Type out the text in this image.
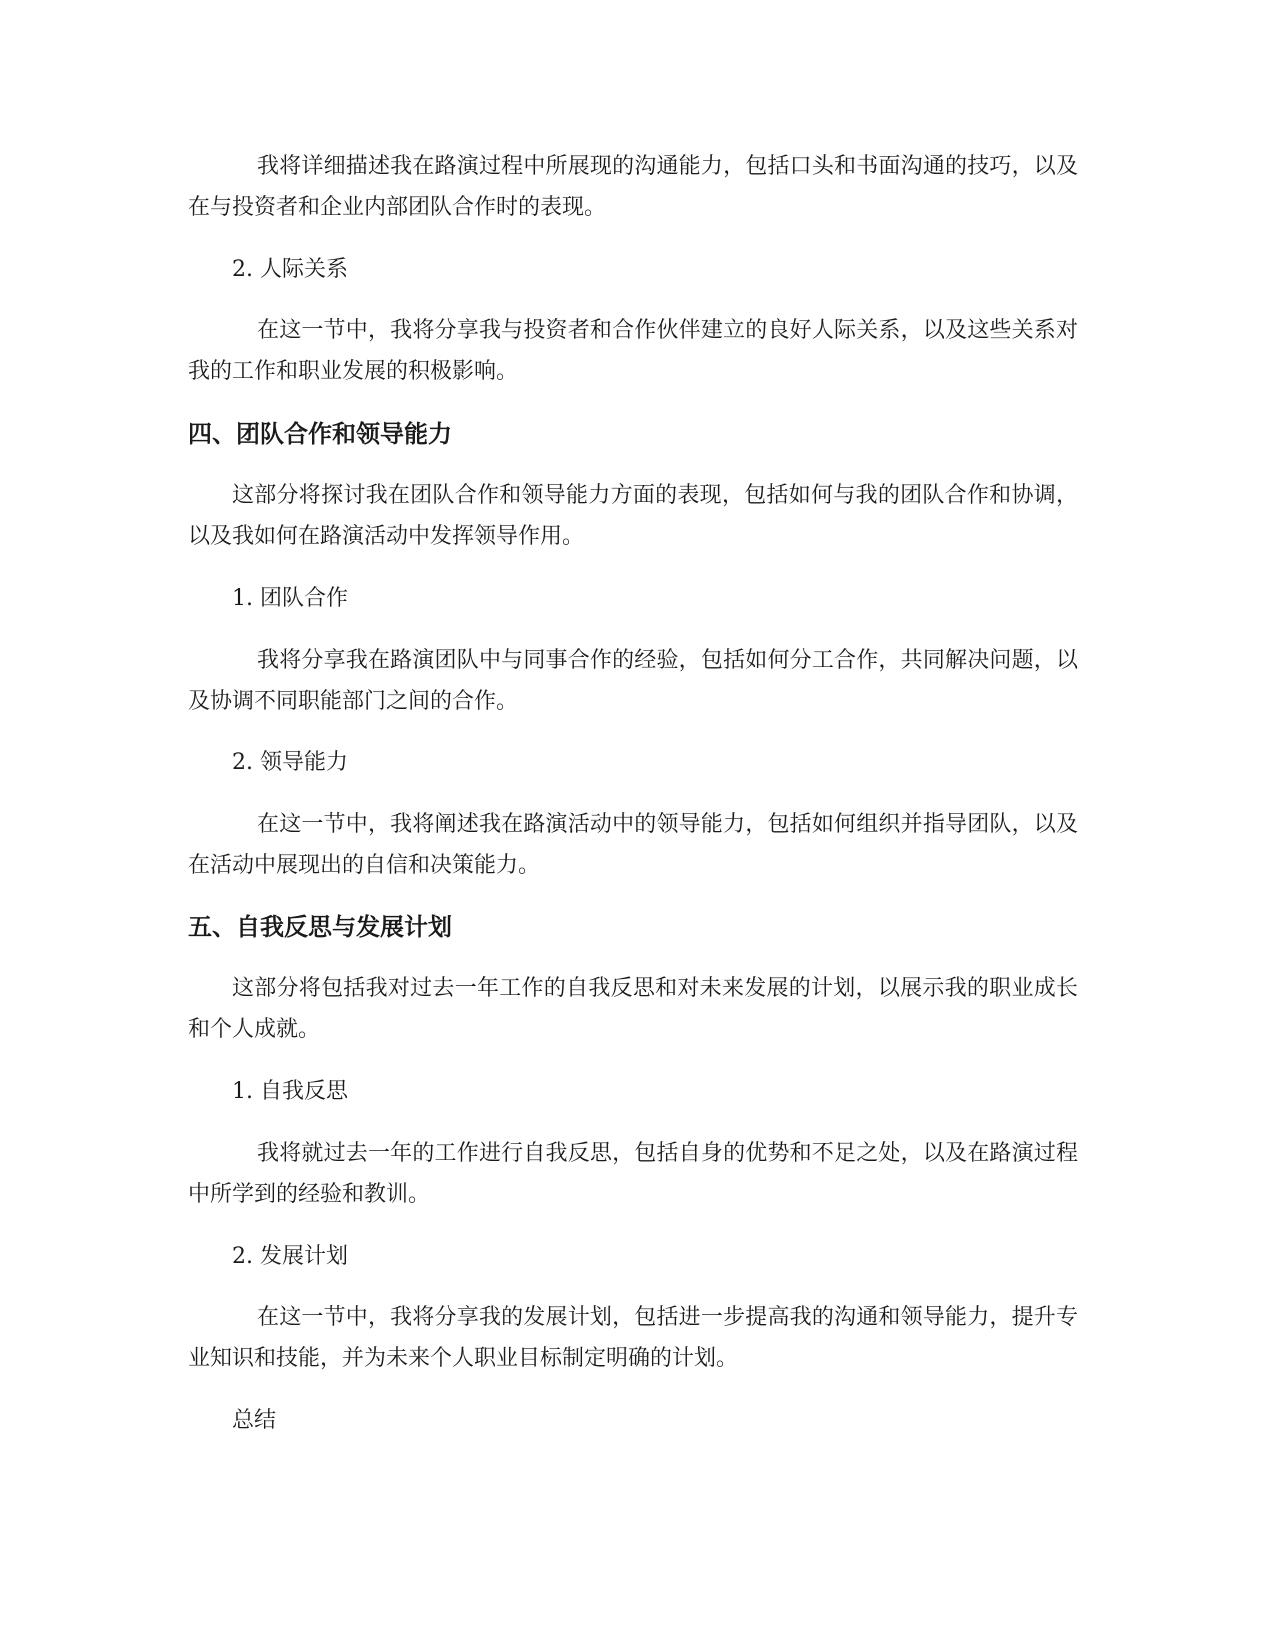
我将详细描述我在路演过程中所展现的沟通能力，包括口头和书面沟通的技巧，以及在与投资者和企业内部团队合作时的表现。

2. 人际关系

在这一节中，我将分享我与投资者和合作伙伴建立的良好人际关系，以及这些关系对我的工作和职业发展的积极影响。

四、团队合作和领导能力

这部分将探讨我在团队合作和领导能力方面的表现，包括如何与我的团队合作和协调，以及我如何在路演活动中发挥领导作用。

1. 团队合作

我将分享我在路演团队中与同事合作的经验，包括如何分工合作，共同解决问题，以及协调不同职能部门之间的合作。

2. 领导能力

在这一节中，我将阐述我在路演活动中的领导能力，包括如何组织并指导团队，以及在活动中展现出的自信和决策能力。

五、自我反思与发展计划

这部分将包括我对过去一年工作的自我反思和对未来发展的计划，以展示我的职业成长和个人成就。

1. 自我反思

我将就过去一年的工作进行自我反思，包括自身的优势和不足之处，以及在路演过程中所学到的经验和教训。

2. 发展计划

在这一节中，我将分享我的发展计划，包括进一步提高我的沟通和领导能力，提升专业知识和技能，并为未来个人职业目标制定明确的计划。

总结
